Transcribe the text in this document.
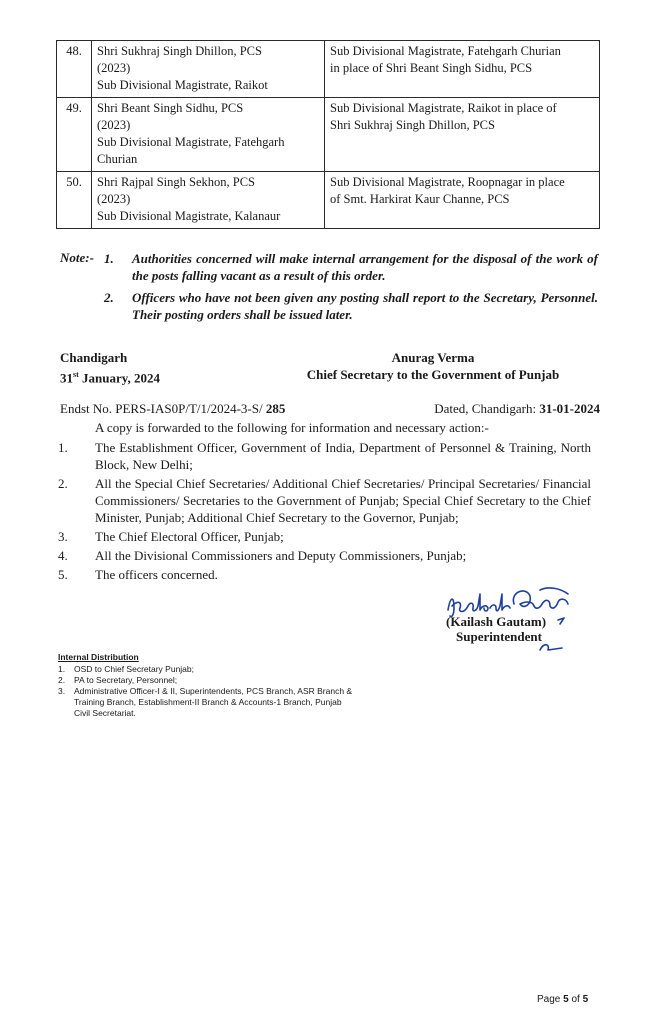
48.	Shri Sukhraj Singh Dhillon, PCS
(2023)
Sub Divisional Magistrate, Raikot	Sub Divisional Magistrate, Fatehgarh Churian
in place of Shri Beant Singh Sidhu, PCS

49.	Shri Beant Singh Sidhu, PCS
(2023)
Sub Divisional Magistrate, Fatehgarh
Churian	Sub Divisional Magistrate, Raikot in place of
Shri Sukhraj Singh Dhillon, PCS

50.	Shri Rajpal Singh Sekhon, PCS
(2023)
Sub Divisional Magistrate, Kalanaur	Sub Divisional Magistrate, Roopnagar in place
of Smt. Harkirat Kaur Channe, PCS
Note:- 1.	Authorities concerned will make internal arrangement for the disposal of the work of the posts falling vacant as a result of this order.
2.	Officers who have not been given any posting shall report to the Secretary, Personnel. Their posting orders shall be issued later.
Chandigarh
31st January, 2024
Anurag Verma
Chief Secretary to the Government of Punjab
Endst No. PERS-IAS0P/T/1/2024-3-S/ 285	Dated, Chandigarh: 31-01-2024
A copy is forwarded to the following for information and necessary action:-
1.	The Establishment Officer, Government of India, Department of Personnel & Training, North Block, New Delhi;
2.	All the Special Chief Secretaries/ Additional Chief Secretaries/ Principal Secretaries/ Financial Commissioners/ Secretaries to the Government of Punjab; Special Chief Secretary to the Chief Minister, Punjab; Additional Chief Secretary to the Governor, Punjab;
3.	The Chief Electoral Officer, Punjab;
4.	All the Divisional Commissioners and Deputy Commissioners, Punjab;
5.	The officers concerned.
(Kailash Gautam)
Superintendent
Internal Distribution
1.	OSD to Chief Secretary Punjab;
2.	PA to Secretary, Personnel;
3.	Administrative Officer-I & II, Superintendents, PCS Branch, ASR Branch & Training Branch, Establishment-II Branch & Accounts-1 Branch, Punjab Civil Secretariat.
Page 5 of 5
